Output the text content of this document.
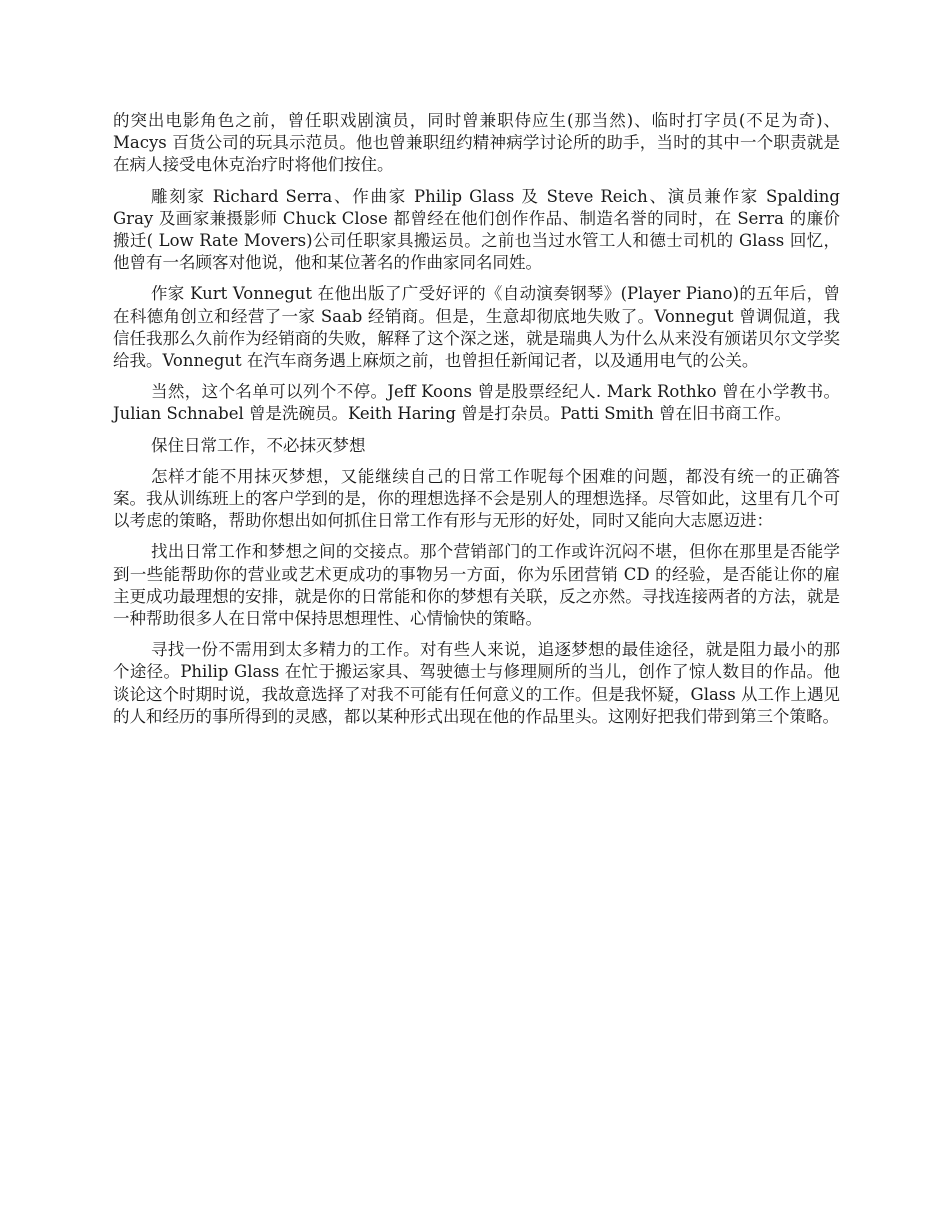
的突出电影角色之前，曾任职戏剧演员，同时曾兼职侍应生(那当然)、临时打字员(不足为奇)、Macys 百货公司的玩具示范员。他也曾兼职纽约精神病学讨论所的助手，当时的其中一个职责就是在病人接受电休克治疗时将他们按住。

雕刻家 Richard Serra、作曲家 Philip Glass 及 Steve Reich、演员兼作家 Spalding Gray 及画家兼摄影师 Chuck Close 都曾经在他们创作作品、制造名誉的同时，在 Serra 的廉价搬迁( Low Rate Movers)公司任职家具搬运员。之前也当过水管工人和德士司机的 Glass 回忆，他曾有一名顾客对他说，他和某位著名的作曲家同名同姓。

作家 Kurt Vonnegut 在他出版了广受好评的《自动演奏钢琴》(Player Piano)的五年后，曾在科德角创立和经营了一家 Saab 经销商。但是，生意却彻底地失败了。Vonnegut 曾调侃道，我信任我那么久前作为经销商的失败，解释了这个深之迷，就是瑞典人为什么从来没有颁诺贝尔文学奖给我。Vonnegut 在汽车商务遇上麻烦之前，也曾担任新闻记者，以及通用电气的公关。

当然，这个名单可以列个不停。Jeff Koons 曾是股票经纪人. Mark Rothko 曾在小学教书。Julian Schnabel 曾是洗碗员。Keith Haring 曾是打杂员。Patti Smith 曾在旧书商工作。

保住日常工作，不必抹灭梦想

怎样才能不用抹灭梦想，又能继续自己的日常工作呢每个困难的问题，都没有统一的正确答案。我从训练班上的客户学到的是，你的理想选择不会是别人的理想选择。尽管如此，这里有几个可以考虑的策略，帮助你想出如何抓住日常工作有形与无形的好处，同时又能向大志愿迈进：

找出日常工作和梦想之间的交接点。那个营销部门的工作或许沉闷不堪，但你在那里是否能学到一些能帮助你的营业或艺术更成功的事物另一方面，你为乐团营销 CD 的经验，是否能让你的雇主更成功最理想的安排，就是你的日常能和你的梦想有关联，反之亦然。寻找连接两者的方法，就是一种帮助很多人在日常中保持思想理性、心情愉快的策略。

寻找一份不需用到太多精力的工作。对有些人来说，追逐梦想的最佳途径，就是阻力最小的那个途径。Philip Glass 在忙于搬运家具、驾驶德士与修理厕所的当儿，创作了惊人数目的作品。他谈论这个时期时说，我故意选择了对我不可能有任何意义的工作。但是我怀疑，Glass 从工作上遇见的人和经历的事所得到的灵感，都以某种形式出现在他的作品里头。这刚好把我们带到第三个策略。
